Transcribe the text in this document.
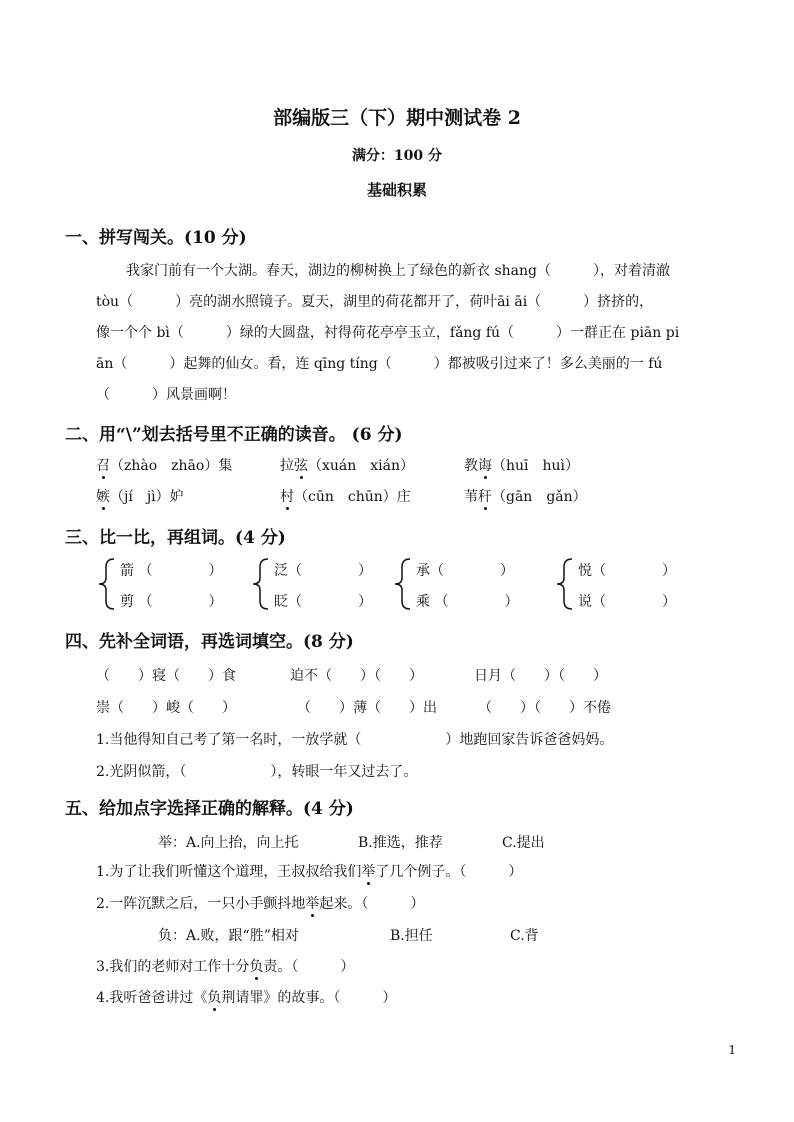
部编版三（下）期中测试卷 2
满分：100 分
基础积累
一、拼写闯关。(10 分)
我家门前有一个大湖。春天，湖边的柳树换上了绿色的新衣 shang（　　　），对着清澈
tòu（　　　）亮的湖水照镜子。夏天，湖里的荷花都开了，荷叶āi āi（　　　）挤挤的，
像一个个 bì（　　　）绿的大圆盘，衬得荷花亭亭玉立，fǎng fú（　　　）一群正在 piān pi
ān（　　　）起舞的仙女。看，连 qīng tíng（　　　）都被吸引过来了！多么美丽的一 fú
（　　　）风景画啊！
二、用“\”划去括号里不正确的读音。 (6 分)
召（zhào　zhāo）集	拉弦（xuán　xián）	教诲（huī　huì）
嫉（jí　jì）妒	村（cūn　chūn）庄	苇秆（gān　gǎn）
三、比一比，再组词。(4 分)
箭 （　　　　）
剪 （　　　　）
泛（　　　　）
眨（　　　　）
承（　　　　）
乘 （　　　　）
悦（　　　　）
说（　　　　）
四、先补全词语，再选词填空。(8 分)
（　　）寝（　　）食	迫不（　　）（　　）	日月（　　）（　　）
崇（　　）峻（　　）	（　　）薄（　　）出	（　　）（　　）不倦
1.当他得知自己考了第一名时，一放学就（　　　　　　）地跑回家告诉爸爸妈妈。
2.光阴似箭，（　　　　　　），转眼一年又过去了。
五、给加点字选择正确的解释。(4 分)
举：A.向上抬，向上托	B.推选，推荐	C.提出
1.为了让我们听懂这个道理，王叔叔给我们举了几个例子。（　　　）
2.一阵沉默之后，一只小手颤抖地举起来。（　　　）
负：A.败，跟“胜”相对	B.担任	C.背
3.我们的老师对工作十分负责。（　　　）
4.我听爸爸讲过《负荆请罪》的故事。（　　　）
1
